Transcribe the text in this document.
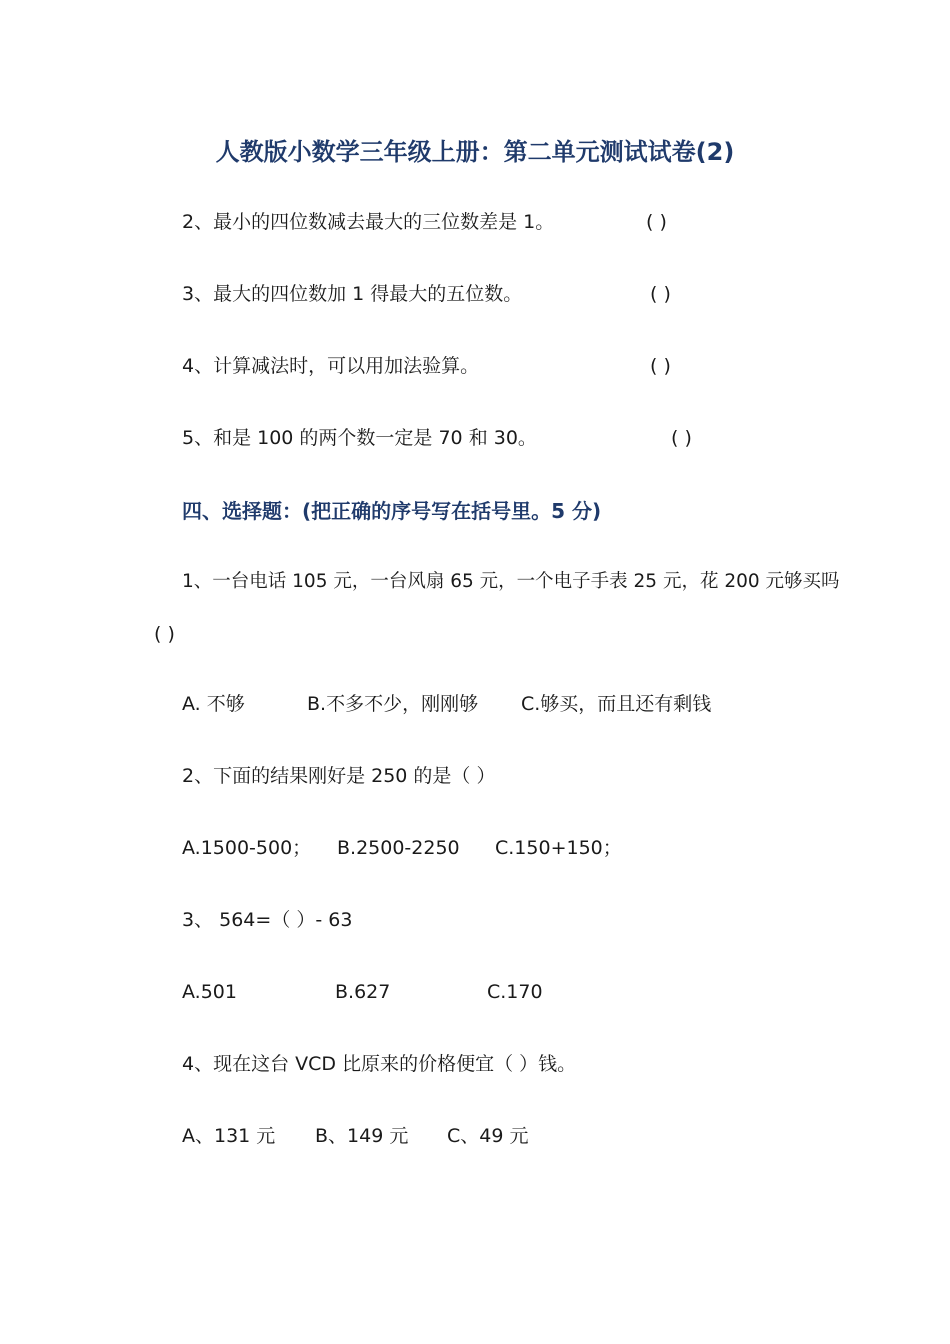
人教版小数学三年级上册：第二单元测试试卷(2)
2、最小的四位数减去最大的三位数差是 1。	( )
3、最大的四位数加 1 得最大的五位数。	( )
4、计算减法时，可以用加法验算。	( )
5、和是 100 的两个数一定是 70 和 30。	( )
四、选择题：(把正确的序号写在括号里。5 分)
1、一台电话 105 元，一台风扇 65 元，一个电子手表 25 元，花 200 元够买吗
( )
A. 不够	B.不多不少，刚刚够 C.够买，而且还有剩钱
2、下面的结果刚好是 250 的是（ ）
A.1500-500； B.2500-2250 C.150+150；
3、 564=（ ）- 63
A.501	B.627	C.170
4、现在这台 VCD 比原来的价格便宜（ ）钱。
A、131 元 B、149 元 C、49 元
